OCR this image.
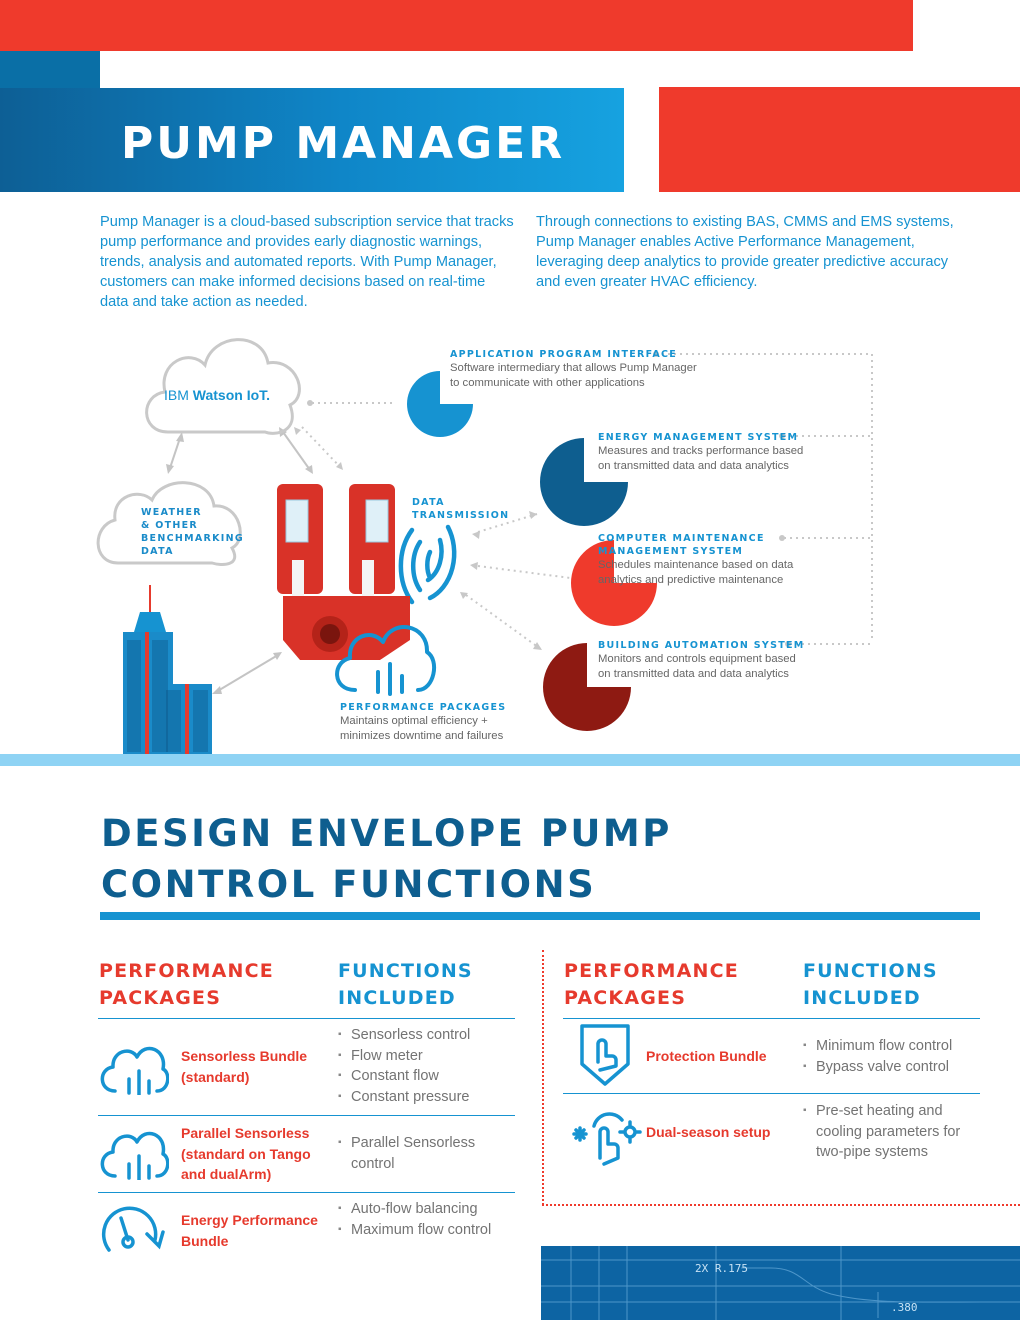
PUMP MANAGER
Pump Manager is a cloud-based subscription service that tracks pump performance and provides early diagnostic warnings, trends, analysis and automated reports. With Pump Manager, customers can make informed decisions based on real-time data and take action as needed.
Through connections to existing BAS, CMMS and EMS systems, Pump Manager enables Active Performance Management, leveraging deep analytics to provide greater predictive accuracy and even greater HVAC efficiency.
IBM Watson IoT.
WEATHER
& OTHER
BENCHMARKING
DATA
DATA
TRANSMISSION
APPLICATION PROGRAM INTERFACE
Software intermediary that allows Pump Manager
to communicate with other applications
ENERGY MANAGEMENT SYSTEM
Measures and tracks performance based
on transmitted data and data analytics
COMPUTER MAINTENANCE
MANAGEMENT SYSTEM
Schedules maintenance based on data
analytics and predictive maintenance
BUILDING AUTOMATION SYSTEM
Monitors and controls equipment based
on transmitted data and data analytics
PERFORMANCE PACKAGES
Maintains optimal efficiency +
minimizes downtime and failures
DESIGN ENVELOPE PUMP
CONTROL FUNCTIONS
PERFORMANCE
PACKAGES
FUNCTIONS
INCLUDED
Sensorless Bundle
(standard)
▪ Sensorless control
▪ Flow meter
▪ Constant flow
▪ Constant pressure
Parallel Sensorless
(standard on Tango
and dualArm)
▪ Parallel Sensorless control
Energy Performance
Bundle
▪ Auto-flow balancing
▪ Maximum flow control
PERFORMANCE
PACKAGES
FUNCTIONS
INCLUDED
Protection Bundle
▪ Minimum flow control
▪ Bypass valve control
Dual-season setup
▪ Pre-set heating and cooling parameters for two-pipe systems
2X R.175
.380
